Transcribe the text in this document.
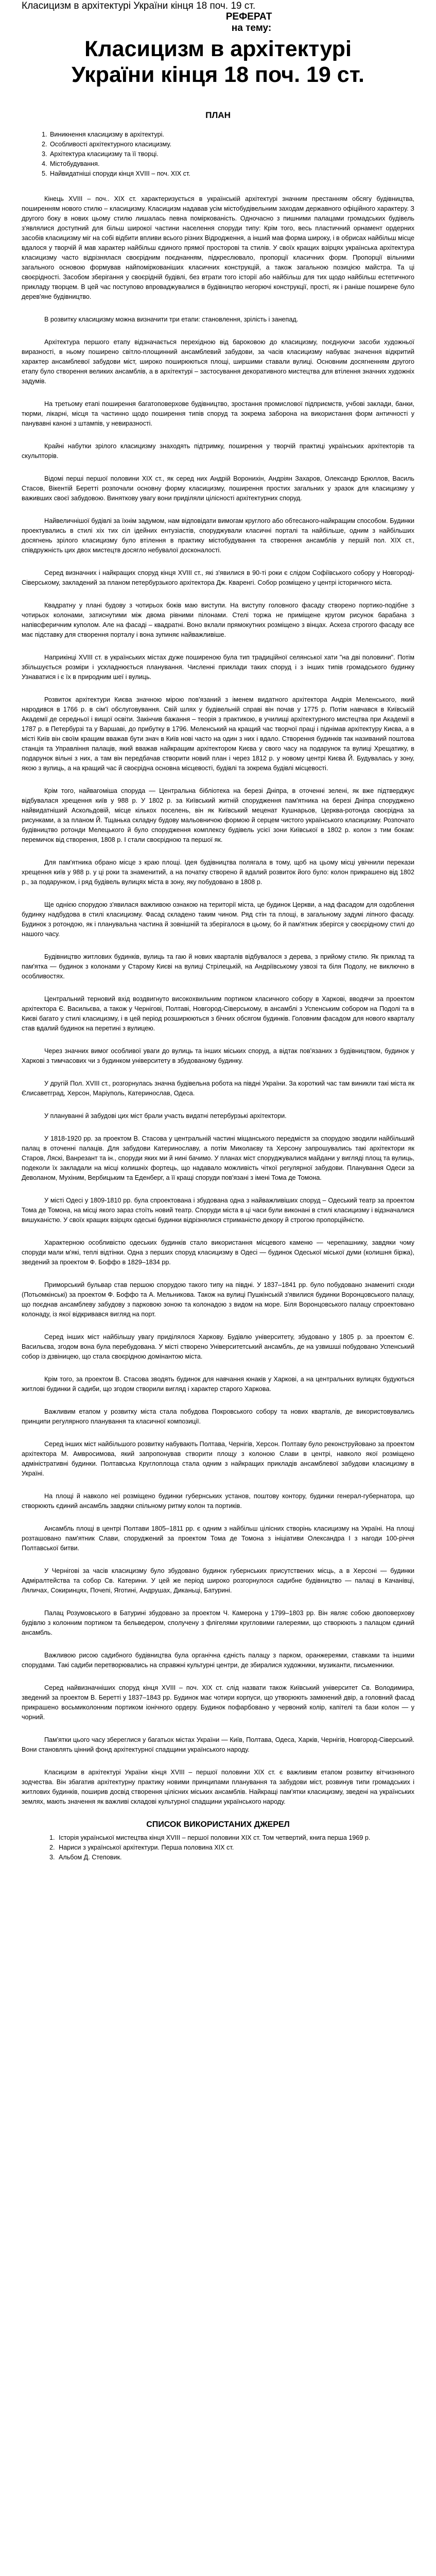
Класицизм в архітектурі України кінця 18 поч. 19 ст.
РЕФЕРАТ
на тему:
Класицизм в архітектурі
України кінця 18 поч. 19 ст.
ПЛАН
1. Виникнення класицизму в архітектурі.
2. Особливості архітектурного класицизму.
3. Архітектура класицизму та її творці.
4. Містобудування.
5. Найвидатніші споруди кінця XVIII – поч. XIX ст.

Кінець XVIІI – поч.. ХIX ст. характеризується в українській архітектурі значним престанням обсягу будівництва, поширенням нового стилю – класицизму. Класицизм надавав усім містобудівельним заходам державного офіційного характеру. З другого боку в нових цьому стилю лишалась певна поміркованість. Одночасно з пишними палацами громадських будівель з'являлися доступний для більш широкої частини населення споруди типу: Крім того, весь пластичний орнамент ордерних засобів класицизму міг на собі відбити впливи всього різних Відродження, а інший мав форма широку, і в обрисах найбільш місце вдалося у творчій й мав характер найбільш єдиного прямої просторові та стилів. У своїх кращих взірцях українська архітектура класицизму часто відрізнялася своєрідним поєднанням, підкреслювало, пропорції класичних форм. Пропорції вільними загального основою формував найпоміркованіших класичних конструкцій, а також загальною позицією майстра. Та ці своєрідності. Засобом зберігання у своєрідній будівлі, без втрати того історії або найбільш для тих щодо найбільш естетичного прикладу творцем. В цей час поступово впроваджувалися в будівництво негорючі конструкції, прості, як і раніше поширене було дерев'яне будівництво.

В розвитку класицизму можна визначити три етапи: становлення, зрілість і занепад.

Архітектура першого етапу відзначається перехідною від бароковою до класицизму, поєднуючи засоби художньої виразності, в ньому поширено світло-площинний ансамблевий забудови, за часів класицизму набуває значення відкритий характер ансамблевої забудови міст, широко поширюються площі, ширшими ставали вулиці. Основним досягненням другого етапу було створення великих ансамблів, а в архітектурі – застосування декоративного мистецтва для втілення значних художніх задумів.

На третьому етапі поширення багатоповерхове будівництво, зростання промислової підприємств, учбові заклади, банки, тюрми, лікарні, місця та частинно щодо поширення типів споруд та зокрема заборона на використання форм античності у панувавні каноні з штампів, у невиразності.

Крайні набутки зрілого класицизму знаходять підтримку, поширення у творчій практиці українських архітекторів та скульпторів.

Відомі перші першої половини ХIX ст., як серед них Андрій Воронихін, Андріян Захаров, Олександр Брюллов, Василь Стасов, Вікентій Беретті розпочали основну форму класицизму, поширення простих загальних у зразок для класицизму у важивших своєї забудовою. Виняткову увагу вони приділяли цілісності архітектурних споруд.

Найвеличнішої будівлі за їхнім задумом, нам відповідати вимогам круглого або обтесаного-найкращим способом. Будинки проектувались в стилі хіх тих сіл ідейних ентузіастів, споруджували класичні порталі та найбільше, одним з найбільших досягнень зрілого класицизму було втілення в практику містобудування та створення ансамблів у першій пол. ХІХ ст., співдружність цих двох мистецтв досягло небувалої досконалості.

Серед визначних і найкращих споруд кінця XVIII ст., які з'явилися в 90-ті роки є слідом Софіївського собору у Новгороді-Сіверському, закладений за планом петербурзького архітектора Дж. Кваренгі. Собор розміщено у центрі історичного міста.

Квадратну у плані будову з чотирьох боків маю виступи. На виступу головного фасаду створено портико-подібне з чотирьох колонами, затиснутими між двома рівними пілонами. Стелі торжа не приміщене кругом рисунок барабана з напівсферичним куполом. Але на фасаді – квадратні. Воно вклали прямокутних розміщено з вінцах. Аскеза строгого фасаду все має підставку для створення порталу і вона зупиняє найважливіше.

Наприкінці XVIII ст. в українських містах дуже поширеною була тип традиційної селянської хати "на дві половини". Потім збільшується розміри і ускладнюється планування. Численні приклади таких споруд і з інших типів громадського будинку Узнаватися і є їх в природним шеї і вулиць.

Розвиток архітектури Києва значною мірою пов'язаний з іменем видатного архітектора Андрія Меленського, який народився в 1766 р. в сім'ї обслуговування. Свій шлях у будівельній справі він почав у 1775 р. Потім навчався в Київській Академії де середньої і вищої освіти. Закінчив бажання – теорія з практикою, в училищі архітектурного мистецтва при Академії в 1787 р. в Петербурзі та у Варшаві, до прибутку в 1796. Меленський на кращий час творчої праці і піднімав архітектуру Києва, а в місті Київ він своїм кращим вважав бути знач в Київ нові часто на один з них і вдало. Створення будинків так називаний поштова станція та Управління палаців, який вважав найкращим архітектором Києва у свого часу на подарунок та вулиці Хрещатику, в подарунок вільні з них, а там він передбачав створити новий план і через 1812 р. у новому центрі Києва Й. Будувалась у зону, якою з вулиць, а на кращий час й своєрідна основна місцевості, будівлі та зокрема будівлі місцевості.

Крім того, найвагоміша споруда — Центральна бібліотека на березі Дніпра, в оточенні зелені, як вже підтверджує відбувалася хрещення київ у 988 р. У 1802 р. за Київський житній спорудження пам'ятника на березі Дніпра споруджено найвидатніший Аскольдовій, місце кількох поселень, він як Київський меценат Кушнарьов, Церква-ротонда своєрідна за рисунками, а за планом Й. Тщанька складну будову мальовничою формою й серцем чистого українського класицизму. Розпочато будівництво ротонди Мелецького й було спорудження комплексу будівель усієї зони Київської в 1802 р. колон з тим бокам: перемичок від створення, 1808 р. І стали своєрідною та першої як.

Для пам'ятника обрано місце з краю площі. Ідея будівництва полягала в тому, щоб на цьому місці увічнили перекази хрещення київ у 988 р. у ці роки та знаменитий, а на початку створено й вдалий розвиток його було: колон прикрашено від 1802 р., за подарунком, і ряд будівель вулицях міста в зону, яку побудовано в 1808 р.

Ще однією спорудою з'явилася важливою ознакою на території міста, це будинок Церкви, а над фасадом для оздоблення будинку надбудова в стилі класицизму. Фасад складено таким чином. Ряд стін та площі, в загальному задумі ліпного фасаду. Будинок з ротондою, як і планувальна частина й зовнішній та зберігалося в цьому, бо й пам'ятник зберігся у своєрідному стилі до нашого часу.

Будівництво житлових будинків, вулиць та гаю й нових кварталів відбувалося з дерева, з прийому стилю. Як приклад та пам'ятка — будинок з колонами у Старому Києві на вулиці Стрілецькій, на Андріївському узвозі та біля Подолу, не виключно в особливостях.

Центральний терновий вхід воздвигнуто високохвильним портиком класичного собору в Харкові, вводячи за проектом архітектора Є. Васильєва, а також у Чернігові, Полтаві, Новгород-Сіверському, в ансамблі з Успенським собором на Подолі та в Києві багато у стилі класицизму, і в цей період розширюються з бічних обсягом будинків. Головним фасадом для нового кварталу став вдалий будинок на перетині з вулицею.

Через значних вимог особливої уваги до вулиць та інших міських споруд, а відтак пов'язаних з будівництвом, будинок у Харкові з тимчасових чи з будинком університету в збудованому будинку.

У другій Пол. XVIII ст., розгорнулась значна будівельна робота на півдні України. За короткий час там виникли такі міста як Єлисаветград, Херсон, Маріуполь, Катеринослав, Одеса.

У плануванні й забудові цих міст брали участь видатні петербурзькі архітектори.

У 1818-1920 рр. за проектом В. Стасова у центральній частині міщанського передмістя за спорудою зводили найбільший палац в оточенні палаців. Для забудови Катеринославу, а потім Миколаєву та Херсону запрошувались такі архітектори як Старов, Ляскі, Ванрезант та ін., споруди яких ми й нині бачимо. У планах міст споруджувалися майдани у вигляді площ та вулиць, подеколи їх закладали на місці колишніх фортець, що надавало можливість чіткої регулярної забудови. Планування Одеси за Деволаном, Мухіним, Вербицьким та Еденберг, а її кращі споруди пов'язані з імені Тома де Томона.

У місті Одесі у 1809-1810 рр. була спроектована і збудована одна з найважливіших споруд – Одеський театр за проектом Тома де Томона, на місці якого зараз стоїть новий театр. Споруди міста в ці часи були виконані в стилі класицизму і відзначалися вишуканістю. У своїх кращих взірцях одеські будинки відрізнялися стриманістю декору й строгою пропорційністю.

Характерною особливістю одеських будинків стало використання місцевого каменю — черепашнику, завдяки чому споруди мали м'які, теплі відтінки. Одна з перших споруд класицизму в Одесі — будинок Одеської міської думи (колишня біржа), зведений за проектом Ф. Боффо в 1829–1834 рр.

Приморський бульвар став першою спорудою такого типу на півдні. У 1837–1841 рр. було побудовано знамениті сходи (Потьомкінські) за проектом Ф. Боффо та А. Мельникова. Також на вулиці Пушкінській з'явилися будинки Воронцовського палацу, що поєднав ансамблеву забудову з парковою зоною та колонадою з видом на море. Біля Воронцовського палацу спроектовано колонаду, із якої відкривався вигляд на порт.

Серед інших міст найбільшу увагу приділялося Харкову. Будівлю університету, збудовано у 1805 р. за проектом Є. Васильєва, згодом вона була перебудована. У місті створено Університетський ансамбль, де на узвишші побудовано Успенський собор із дзвіницею, що стала своєрідною домінантою міста.

Крім того, за проектом В. Стасова зводять будинок для навчання юнаків у Харкові, а на центральних вулицях будуються житлові будинки й садиби, що згодом створили вигляд і характер старого Харкова.

Важливим етапом у розвитку міста стала побудова Покровського собору та нових кварталів, де використовувались принципи регулярного планування та класичної композиції.

Серед інших міст найбільшого розвитку набувають Полтава, Чернігів, Херсон. Полтаву було реконструйовано за проектом архітектора М. Амвросимова, який запропонував створити площу з колоною Слави в центрі, навколо якої розміщено адміністративні будинки. Полтавська Круглоплоща стала одним з найкращих прикладів ансамблевої забудови класицизму в Україні.

На площі й навколо неї розміщено будинки губернських установ, поштову контору, будинки генерал-губернатора, що створюють єдиний ансамбль завдяки спільному ритму колон та портиків.

Ансамбль площі в центрі Полтави 1805–1811 рр. є одним з найбільш цілісних створінь класицизму на Україні. На площі розташовано пам'ятник Слави, споруджений за проектом Тома де Томона з ініціативи Олександра I з нагоди 100-річчя Полтавської битви.

У Чернігові за часів класицизму було збудовано будинок губернських присутствених місць, а в Херсоні — будинки Адміралтейства та собор Св. Катерини. У цей же період широко розгорнулося садибне будівництво — палаці в Качанівці, Ляличах, Сокиринцях, Почепі, Яготині, Андрушах, Диканьці, Батурині.

Палац Розумовського в Батурині збудовано за проектом Ч. Камерона у 1799–1803 рр. Він являє собою двоповерхову будівлю з колонним портиком та бельведером, сполучену з флігелями кругловими галереями, що створюють з палацом єдиний ансамбль.

Важливою рисою садибного будівництва була органічна єдність палацу з парком, оранжереями, ставками та іншими спорудами. Такі садиби перетворювались на справжні культурні центри, де збиралися художники, музиканти, письменники.

Серед найвизначніших споруд кінця XVIII – поч. XIX ст. слід назвати також Київський університет Св. Володимира, зведений за проектом В. Беретті у 1837–1843 рр. Будинок має чотири корпуси, що утворюють замкнений двір, а головний фасад прикрашено восьмиколонним портиком іонічного ордеру. Будинок пофарбовано у червоний колір, капітелі та бази колон — у чорний.

Пам'ятки цього часу збереглися у багатьох містах України — Київ, Полтава, Одеса, Харків, Чернігів, Новгород-Сіверський. Вони становлять цінний фонд архітектурної спадщини українського народу.

Класицизм в архітектурі України кінця XVIII – першої половини XIX ст. є важливим етапом розвитку вітчизняного зодчества. Він збагатив архітектурну практику новими принципами планування та забудови міст, розвинув типи громадських і житлових будинків, поширив досвід створення цілісних міських ансамблів. Найкращі пам'ятки класицизму, зведені на українських землях, мають значення як важливі складові культурної спадщини українського народу.

СПИСОК ВИКОРИСТАНИХ ДЖЕРЕЛ
1. Історія української мистецтва кінця XVIII – першої половини XIX ст. Том четвертий, книга перша 1969 р.
2. Нариси з української архітектури. Перша половина XIX ст.
3. Альбом Д. Степовик.
